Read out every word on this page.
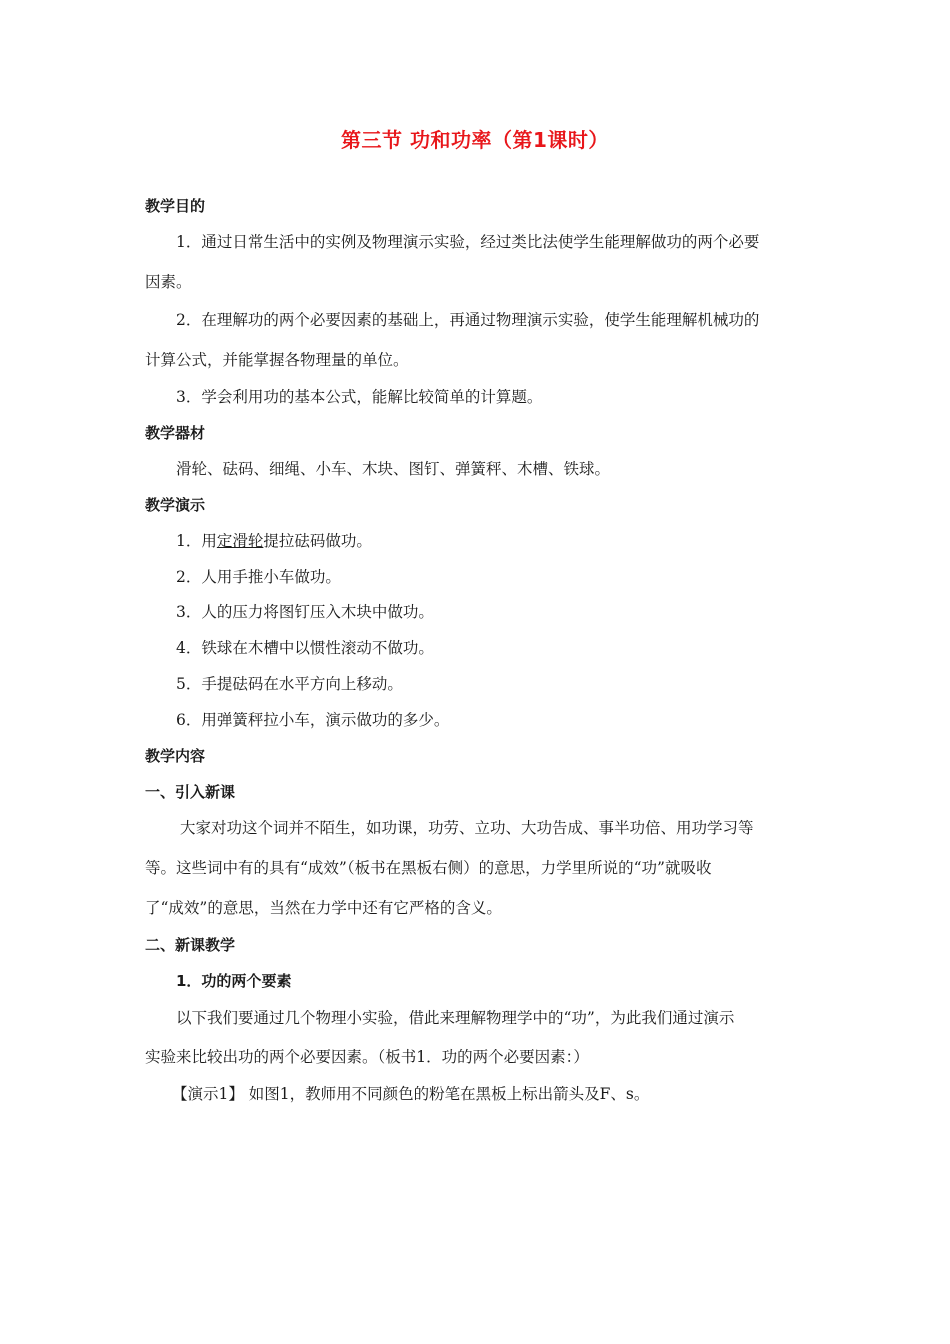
第三节 功和功率（第1课时）
教学目的
1．通过日常生活中的实例及物理演示实验，经过类比法使学生能理解做功的两个必要
因素。
2．在理解功的两个必要因素的基础上，再通过物理演示实验，使学生能理解机械功的
计算公式，并能掌握各物理量的单位。
3．学会利用功的基本公式，能解比较简单的计算题。
教学器材
滑轮、砝码、细绳、小车、木块、图钉、弹簧秤、木槽、铁球。
教学演示
1．用定滑轮提拉砝码做功。
2．人用手推小车做功。
3．人的压力将图钉压入木块中做功。
4．铁球在木槽中以惯性滚动不做功。
5．手提砝码在水平方向上移动。
6．用弹簧秤拉小车，演示做功的多少。
教学内容
一、引入新课
大家对功这个词并不陌生，如功课，功劳、立功、大功告成、事半功倍、用功学习等
等。这些词中有的具有“成效”（板书在黑板右侧）的意思，力学里所说的“功”就吸收
了“成效”的意思，当然在力学中还有它严格的含义。
二、新课教学
1．功的两个要素
以下我们要通过几个物理小实验，借此来理解物理学中的“功”，为此我们通过演示
实验来比较出功的两个必要因素。（板书1．功的两个必要因素：）
【演示1】 如图1，教师用不同颜色的粉笔在黑板上标出箭头及F、s。
